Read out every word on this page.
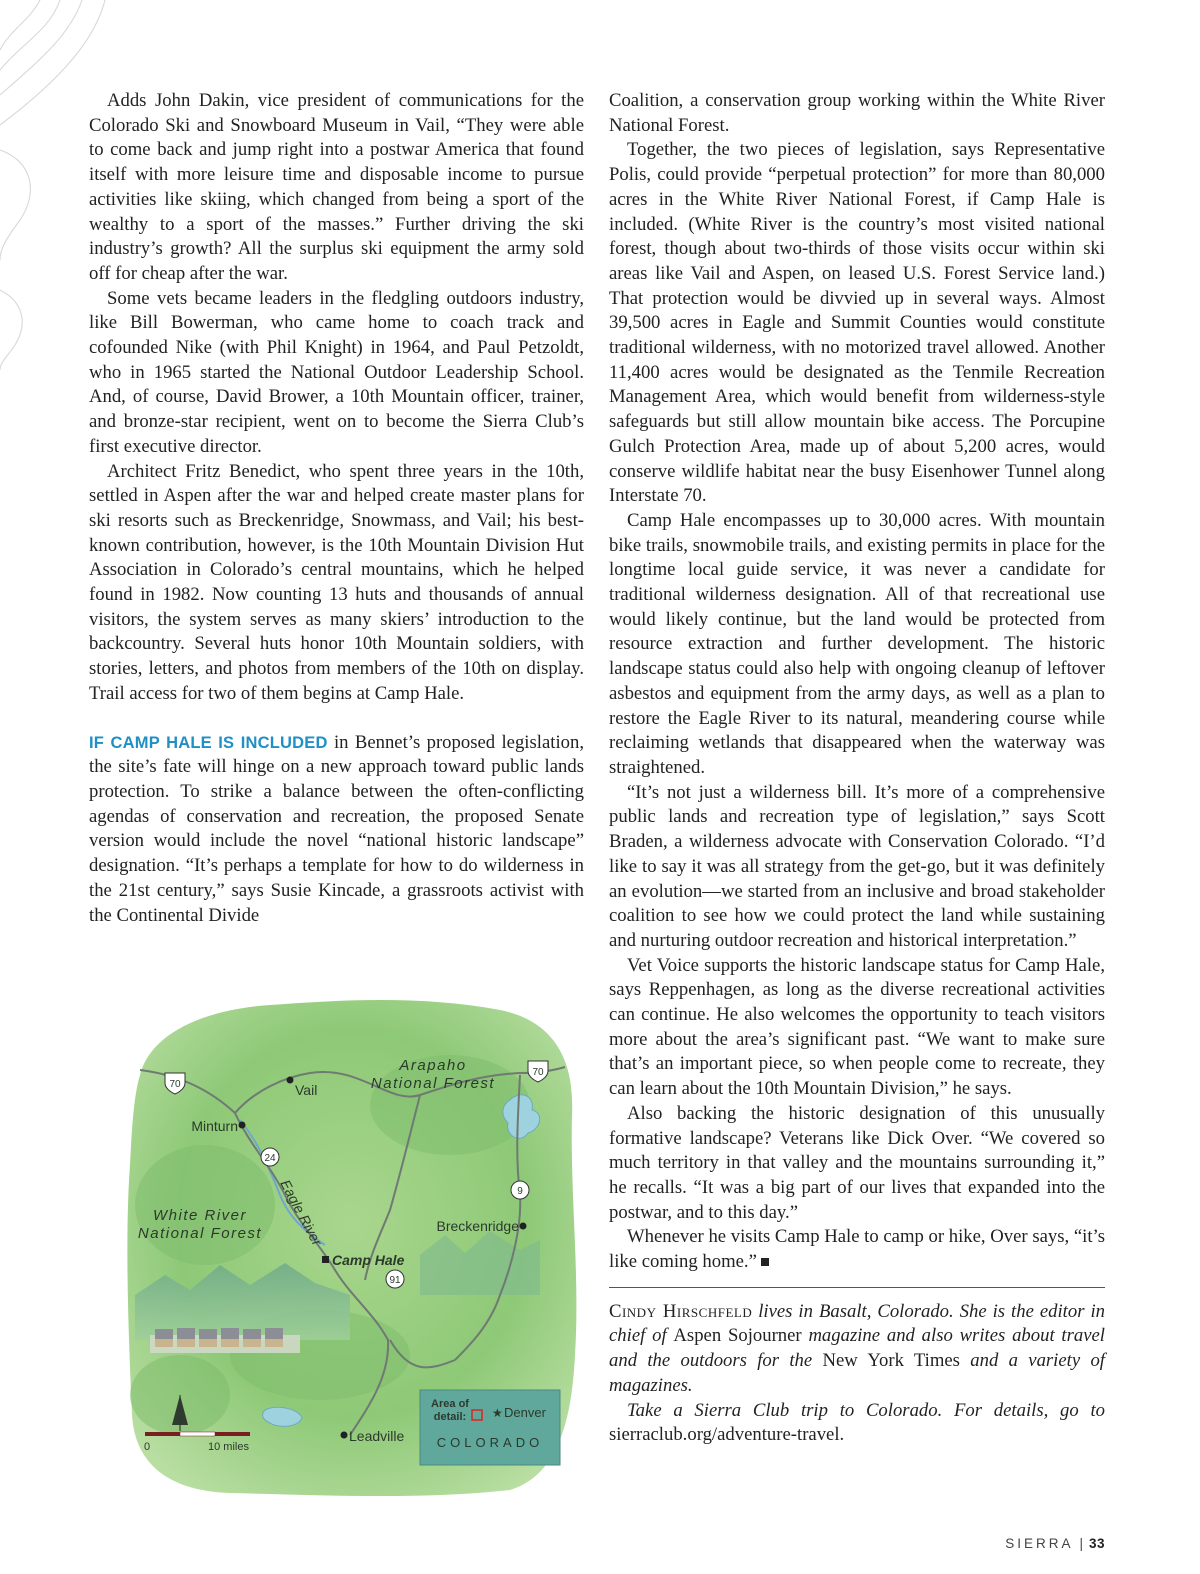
Adds John Dakin, vice president of communications for the Colorado Ski and Snowboard Museum in Vail, “They were able to come back and jump right into a postwar America that found itself with more leisure time and disposable income to pursue activities like skiing, which changed from being a sport of the wealthy to a sport of the masses.” Further driving the ski industry’s growth? All the surplus ski equipment the army sold off for cheap after the war.

Some vets became leaders in the fledgling outdoors industry, like Bill Bowerman, who came home to coach track and cofounded Nike (with Phil Knight) in 1964, and Paul Petzoldt, who in 1965 started the National Outdoor Leadership School. And, of course, David Brower, a 10th Mountain officer, trainer, and bronze-star recipient, went on to become the Sierra Club’s first executive director.

Architect Fritz Benedict, who spent three years in the 10th, settled in Aspen after the war and helped create master plans for ski resorts such as Breckenridge, Snowmass, and Vail; his best-known contribution, however, is the 10th Mountain Division Hut Association in Colorado’s central mountains, which he helped found in 1982. Now counting 13 huts and thousands of annual visitors, the system serves as many skiers’ introduction to the backcountry. Several huts honor 10th Mountain soldiers, with stories, letters, and photos from members of the 10th on display. Trail access for two of them begins at Camp Hale.

IF CAMP HALE IS INCLUDED in Bennet’s proposed legislation, the site’s fate will hinge on a new approach toward public lands protection. To strike a balance between the often-conflicting agendas of conservation and recreation, the proposed Senate version would include the novel “national historic landscape” designation. “It’s perhaps a template for how to do wilderness in the 21st century,” says Susie Kincade, a grassroots activist with the Continental Divide

Coalition, a conservation group working within the White River National Forest.

Together, the two pieces of legislation, says Representative Polis, could provide “perpetual protection” for more than 80,000 acres in the White River National Forest, if Camp Hale is included. (White River is the country’s most visited national forest, though about two-thirds of those visits occur within ski areas like Vail and Aspen, on leased U.S. Forest Service land.) That protection would be divvied up in several ways. Almost 39,500 acres in Eagle and Summit Counties would constitute traditional wilderness, with no motorized travel allowed. Another 11,400 acres would be designated as the Tenmile Recreation Management Area, which would benefit from wilderness-style safeguards but still allow mountain bike access. The Porcupine Gulch Protection Area, made up of about 5,200 acres, would conserve wildlife habitat near the busy Eisenhower Tunnel along Interstate 70.

Camp Hale encompasses up to 30,000 acres. With mountain bike trails, snowmobile trails, and existing permits in place for the longtime local guide service, it was never a candidate for traditional wilderness designation. All of that recreational use would likely continue, but the land would be protected from resource extraction and further development. The historic landscape status could also help with ongoing cleanup of leftover asbestos and equipment from the army days, as well as a plan to restore the Eagle River to its natural, meandering course while reclaiming wetlands that disappeared when the waterway was straightened.

“It’s not just a wilderness bill. It’s more of a comprehensive public lands and recreation type of legislation,” says Scott Braden, a wilderness advocate with Conservation Colorado. “I’d like to say it was all strategy from the get-go, but it was definitely an evolution—we started from an inclusive and broad stakeholder coalition to see how we could protect the land while sustaining and nurturing outdoor recreation and historical interpretation.”

Vet Voice supports the historic landscape status for Camp Hale, says Reppenhagen, as long as the diverse recreational activities can continue. He also welcomes the opportunity to teach visitors more about the area’s significant past. “We want to make sure that’s an important piece, so when people come to recreate, they can learn about the 10th Mountain Division,” he says.

Also backing the historic designation of this unusually formative landscape? Veterans like Dick Over. “We covered so much territory in that valley and the mountains surrounding it,” he recalls. “It was a big part of our lives that expanded into the postwar, and to this day.”

Whenever he visits Camp Hale to camp or hike, Over says, “it’s like coming home.”

Cindy Hirschfeld lives in Basalt, Colorado. She is the editor in chief of Aspen Sojourner magazine and also writes about travel and the outdoors for the New York Times and a variety of magazines.

Take a Sierra Club trip to Colorado. For details, go to sierraclub.org/adventure-travel.

70
70
24
9
91
Arapaho
National Forest
White River
National Forest
Vail
Minturn
Breckenridge
Camp Hale
Leadville
Eagle River
Area of
detail: ★ Denver
COLORADO
0	10 miles
SIERRA | 33
